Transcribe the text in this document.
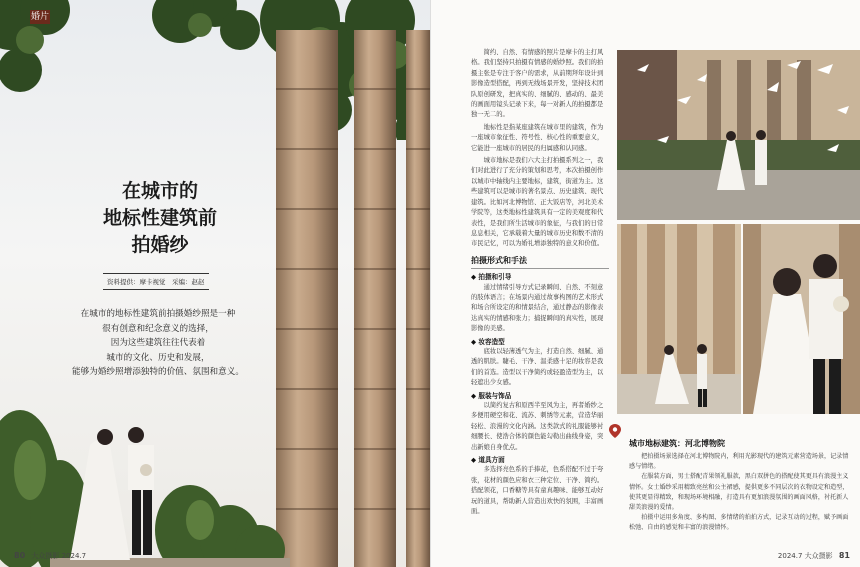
婚片
在城市的
地标性建筑前
拍婚纱
资料提供：摩卡视觉　采编：赵赵
在城市的地标性建筑前拍摄婚纱照是一种
很有创意和纪念意义的选择，
因为这些建筑往往代表着
城市的文化、历史和发展，
能够为婚纱照增添独特的价值、氛围和意义。
80 大众摄影 2024.7

简约、自然、有情感的照片是摩卡的主打风格。我们坚持只拍摄有情感的婚纱照。我们的拍摄主张是专注于客户的需求，从前期拜年设计到影像造型搭配，再到无线场景开发，坚持技术团队原创研发，把真实的、细腻的、感动的、最美的画面用镜头记录下来，每一对新人的拍摄都是独一无二的。

地标性是指某座建筑在城市里的建筑，作为一座城市象征性、符号性、核心性的重要意义，它能进一座城市的居民的归属感和认同感。

城市地标是我们六大主打拍摄系列之一，我们对此进行了充分的策划和思考，本次拍摄创作以城市中轴线内主要地标，建筑，街道为主。这些建筑可以是城市的著名景点、历史建筑、现代建筑。比如河北博物馆、正大饭店等，河北美术学院等，这类地标性建筑具有一定的美观度和代表性，是我们所生活城市的象征，与我们的日常息息相关，它承载着大量的城市历史和数不清的市民记忆，可以为婚礼增添独特的意义和价值。

拍摄形式和手法
◆ 拍摄和引导

通过情绪引导方式记录瞬间、自然、不刻意的肢体语言；在场景内通过故事构图的艺术形式和场合所设定的和情景结合，通过静态的影像表达真实的情感和张力；捕捉瞬间的真实性，展现影像的美感。

◆ 妆容造型

底妆以轻薄透气为主，打造自然、细腻、通透的肌肤。睫毛、干净、温柔感十足的妆容是我们的首选。造型以干净简约或轻盈造型为主，以轻遮出少女感。

◆ 服装与饰品

以简约复古和原西半至风为主，再者婚纱之多便用硬空和花、流苏、刺绣等元素，营造华丽轻松、浪漫的文化内涵。这类款式的礼服能够衬细腰长、使浩合体的颜色能勾勒出曲线身姿，突出新娘自身优点。

◆ 道具方面

多选择亮色系的手捧花，色系搭配不过于夸张，花材的颜色应和衣三种定位、干净、简约。搭配领花，口香糖等具有童真趣味、能够互动好玩的道具，帮助新人营造出欢快的氛围，丰富画面。

城市地标建筑：河北博物院

把拍摄场景选择在河北博物院内，利用光影现代的建筑元素营造场景，记录情感与情绪。

在服装方面，男士搭配青果领礼服款，黑白双拼色的搭配使其更具有浪漫主义情怀。女士婚纱采用精致亮丝和公主裙感，提供更多不同层次的衣物设定和造型，使其更显得精致，和现场环境相融，打造具有更加浪漫氛围的画面风格，衬托新人甜美浪漫的爱情。

拍摄中运用多角度、多构图、多情绪的拍拍方式，记录互动的过程，赋予画面松弛、自由的感觉和丰富的浪漫情怀。

2024.7 大众摄影 81
